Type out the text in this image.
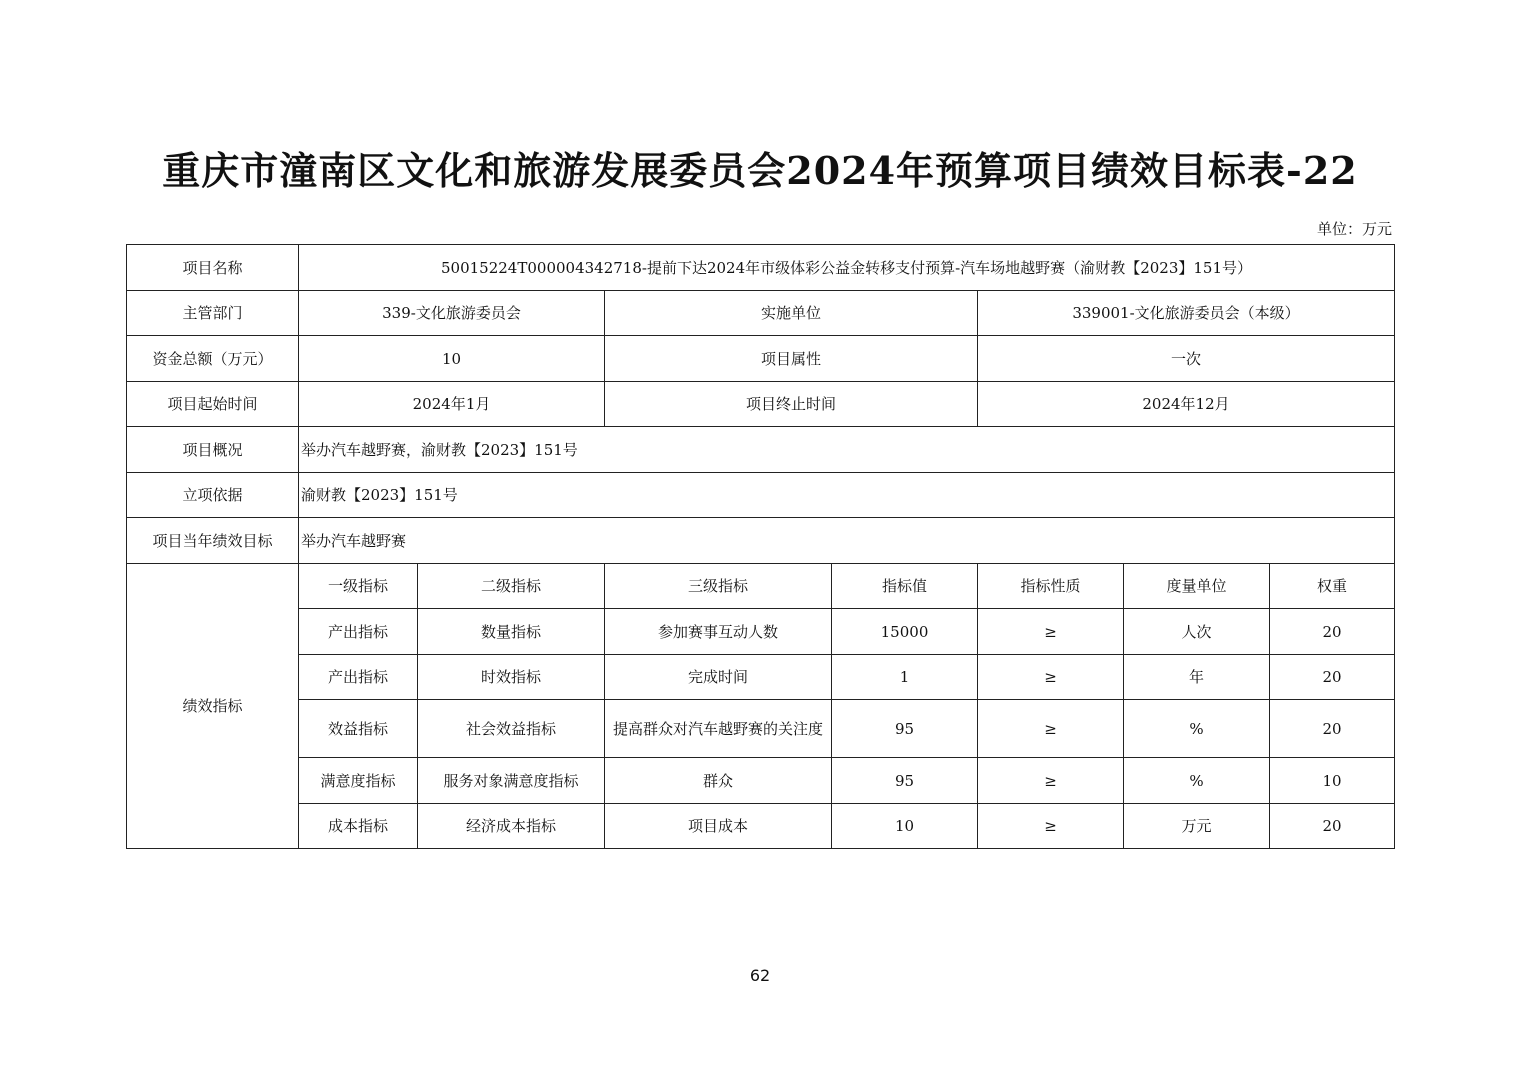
重庆市潼南区文化和旅游发展委员会2024年预算项目绩效目标表-22
单位：万元
项目名称	50015224T000004342718-提前下达2024年市级体彩公益金转移支付预算-汽车场地越野赛（渝财教【2023】151号）						
主管部门	339-文化旅游委员会		实施单位		339001-文化旅游委员会（本级）		
资金总额（万元）	10		项目属性		一次		
项目起始时间	2024年1月		项目终止时间		2024年12月		
项目概况	举办汽车越野赛，渝财教【2023】151号						
立项依据	渝财教【2023】151号						
项目当年绩效目标	举办汽车越野赛						
绩效指标	一级指标	二级指标	三级指标	指标值	指标性质	度量单位	权重
	产出指标	数量指标	参加赛事互动人数	15000	≥	人次	20
	产出指标	时效指标	完成时间	1	≥	年	20
	效益指标	社会效益指标	提高群众对汽车越野赛的关注度	95	≥	%	20
	满意度指标	服务对象满意度指标	群众	95	≥	%	10
	成本指标	经济成本指标	项目成本	10	≥	万元	20
62
